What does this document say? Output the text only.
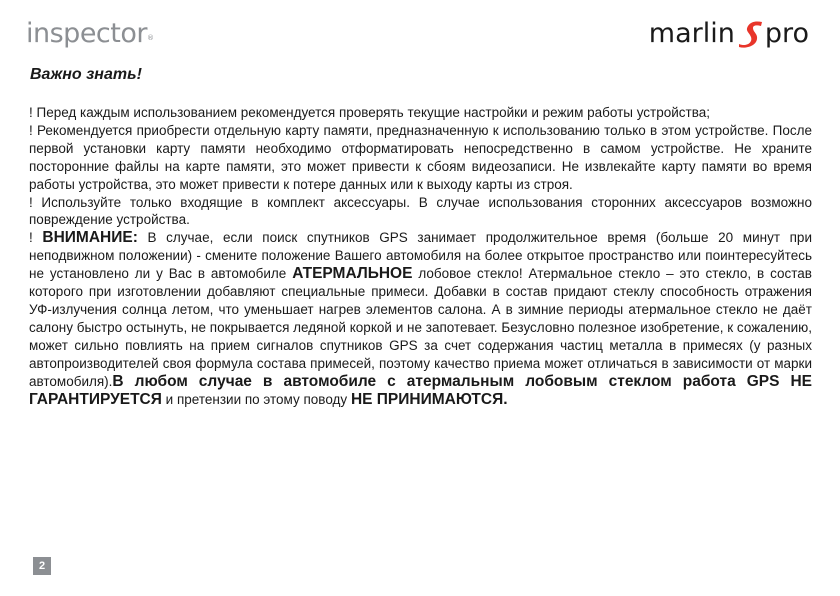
inspector®	marlin pro
Важно знать!

! Перед каждым использованием рекомендуется проверять текущие настройки и режим работы устройства;

! Рекомендуется приобрести отдельную карту памяти, предназначенную к использованию только в этом устройстве. После первой установки карту памяти необходимо отформатировать непосредственно в самом устройстве. Не храните посторонние файлы на карте памяти, это может привести к сбоям видеозаписи. Не извлекайте карту памяти во время работы устройства, это может привести к потере данных или к выходу карты из строя.

! Используйте только входящие в комплект аксессуары. В случае использования сторонних аксессуаров возможно повреждение устройства.

! ВНИМАНИЕ: В случае, если поиск спутников GPS занимает продолжительное время (больше 20 минут при неподвижном положении) - смените положение Вашего автомобиля на более открытое пространство или поинтересуйтесь не установлено ли у Вас в автомобиле АТЕРМАЛЬНОЕ лобовое стекло! Атермальное стекло – это стекло, в состав которого при изготовлении добавляют специальные примеси. Добавки в состав придают стеклу способность отражения УФ-излучения солнца летом, что уменьшает нагрев элементов салона. А в зимние периоды атермальное стекло не даёт салону быстро остынуть, не покрывается ледяной коркой и не запотевает. Безусловно полезное изобретение, к сожалению, может сильно повлиять на прием сигналов спутников GPS за счет содержания частиц металла в примесях (у разных автопроизводителей своя формула состава примесей, поэтому качество приема может отличаться в зависимости от марки автомобиля).В любом случае в автомобиле с атермальным лобовым стеклом работа GPS НЕ ГАРАНТИРУЕТСЯ и претензии по этому поводу НЕ ПРИНИМАЮТСЯ.

2
